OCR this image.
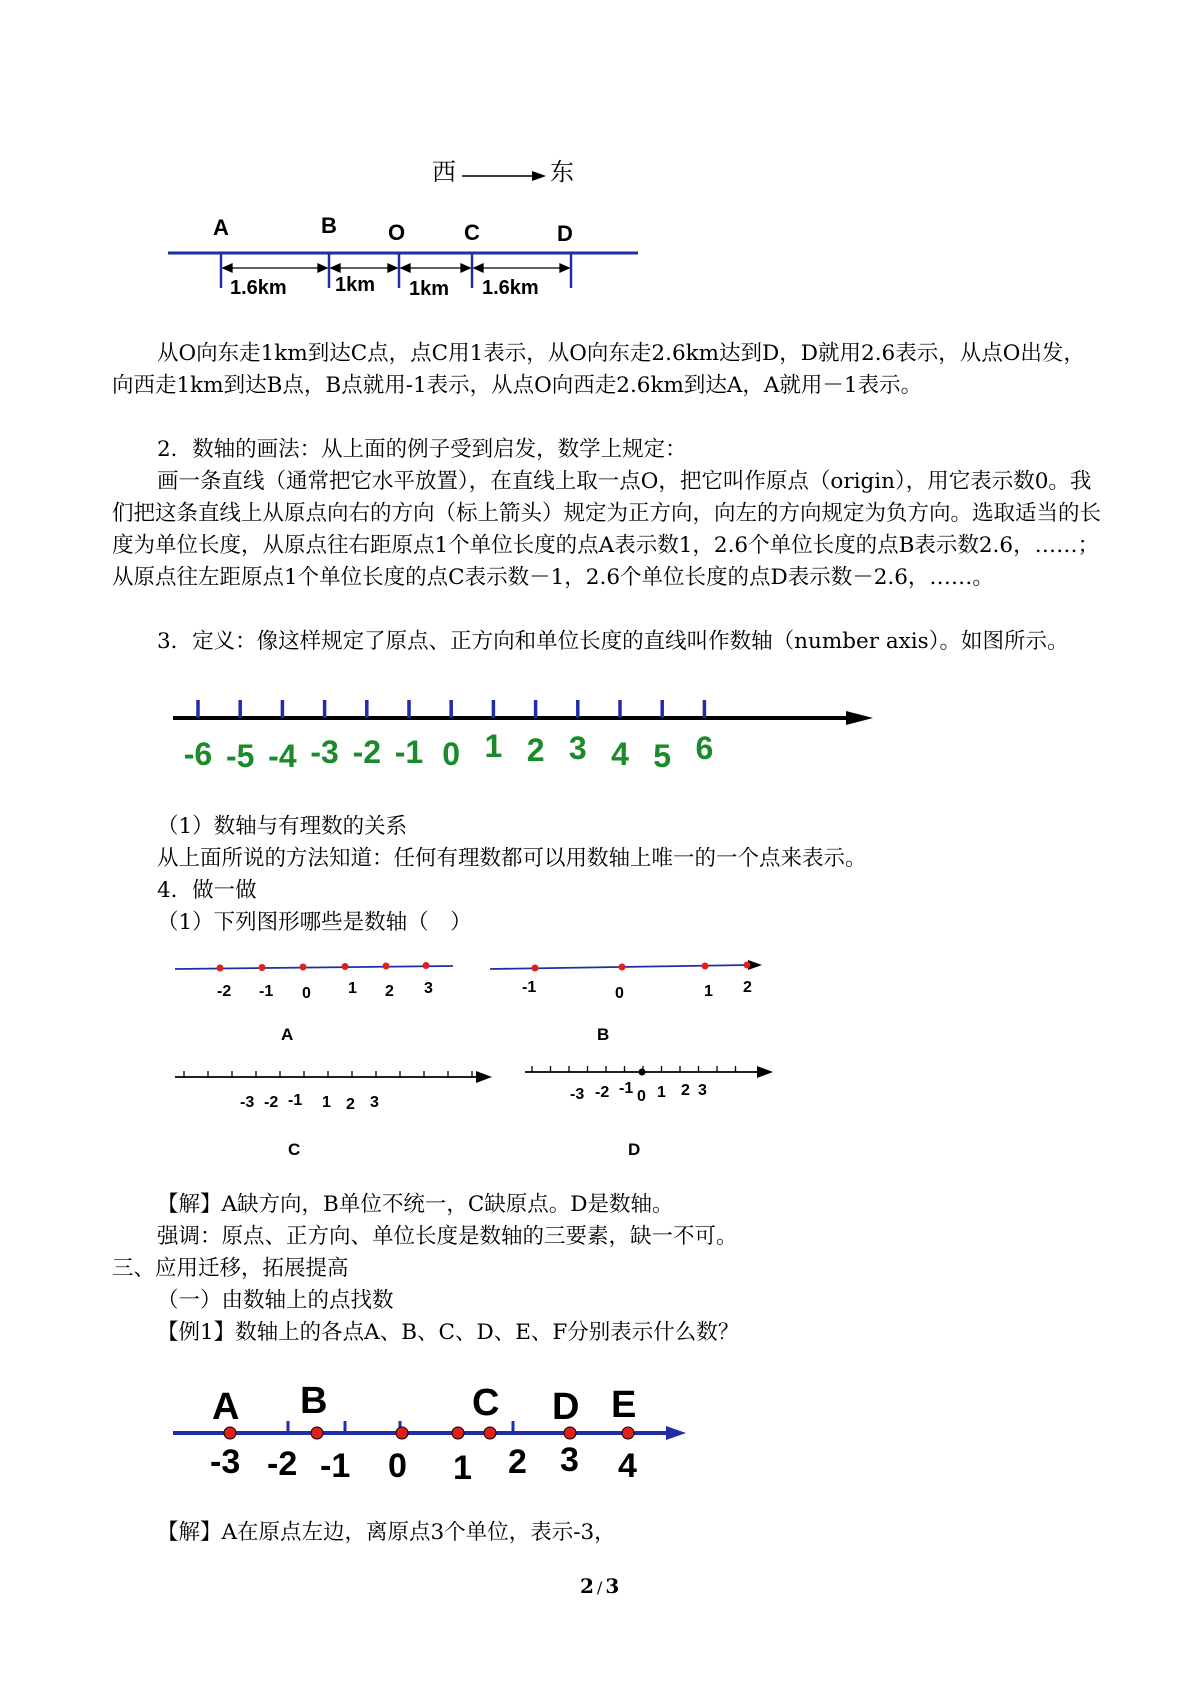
西	东
A	B O	C	D
1.6km 1km 1km 1.6km

从O向东走1km到达C点，点C用1表示，从O向东走2.6km达到D，D就用2.6表示，从点O出发，向西走1km到达B点，B点就用-1表示，从点O向西走2.6km到达A，A就用－1表示。

2．数轴的画法：从上面的例子受到启发，数学上规定：

画一条直线（通常把它水平放置），在直线上取一点O，把它叫作原点（origin），用它表示数0。我们把这条直线上从原点向右的方向（标上箭头）规定为正方向，向左的方向规定为负方向。选取适当的长度为单位长度，从原点往右距原点1个单位长度的点A表示数1，2.6个单位长度的点B表示数2.6，……；从原点往左距原点1个单位长度的点C表示数－1，2.6个单位长度的点D表示数－2.6，……。

3．定义：像这样规定了原点、正方向和单位长度的直线叫作数轴（number axis）。如图所示。

-6 -5 -4 -3 -2 -1 0 1 2 3 4 5 6
（1）数轴与有理数的关系
从上面所说的方法知道：任何有理数都可以用数轴上唯一的一个点来表示。
4．做一做
（1）下列图形哪些是数轴（　）
-2 -1 0 1 2 3
A
-1	0	1 2
B
-3 -2 -1 1 2 3
C
-3 -2 -1 0 1 2 3
D
【解】A缺方向，B单位不统一，C缺原点。D是数轴。
强调：原点、正方向、单位长度是数轴的三要素，缺一不可。
三、应用迁移，拓展提高
（一）由数轴上的点找数
【例1】数轴上的各点A、B、C、D、E、F分别表示什么数？
A B	C D E
-3 -2 -1 0 1 2 3 4
【解】A在原点左边，离原点3个单位，表示-3，
2 / 3
